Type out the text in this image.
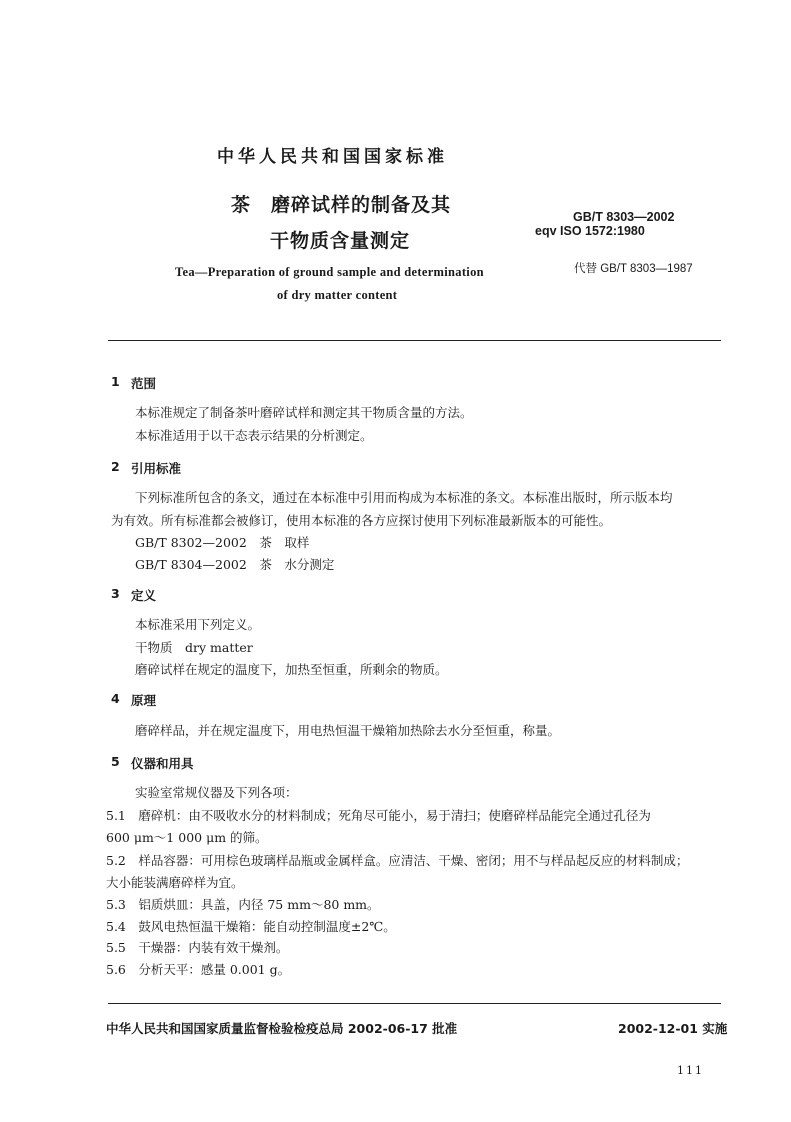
中华人民共和国国家标准
茶　磨碎试样的制备及其
干物质含量测定
GB/T 8303—2002
eqv ISO 1572:1980
代替 GB/T 8303—1987
Tea—Preparation of ground sample and determination
of dry matter content
1 范围
本标准规定了制备茶叶磨碎试样和测定其干物质含量的方法。
本标准适用于以干态表示结果的分析测定。
2 引用标准
下列标准所包含的条文，通过在本标准中引用而构成为本标准的条文。本标准出版时，所示版本均
为有效。所有标准都会被修订，使用本标准的各方应探讨使用下列标准最新版本的可能性。
GB/T 8302—2002　茶　取样
GB/T 8304—2002　茶　水分测定
3 定义
本标准采用下列定义。
干物质　dry matter
磨碎试样在规定的温度下，加热至恒重，所剩余的物质。
4 原理
磨碎样品，并在规定温度下，用电热恒温干燥箱加热除去水分至恒重，称量。
5 仪器和用具
实验室常规仪器及下列各项：
5.1　磨碎机：由不吸收水分的材料制成；死角尽可能小，易于清扫；使磨碎样品能完全通过孔径为
600 μm～1 000 μm 的筛。
5.2　样品容器：可用棕色玻璃样品瓶或金属样盒。应清洁、干燥、密闭；用不与样品起反应的材料制成；
大小能装满磨碎样为宜。
5.3　铝质烘皿：具盖，内径 75 mm～80 mm。
5.4　鼓风电热恒温干燥箱：能自动控制温度±2℃。
5.5　干燥器：内装有效干燥剂。
5.6　分析天平：感量 0.001 g。
中华人民共和国国家质量监督检验检疫总局 2002-06-17 批准	2002-12-01 实施
111
